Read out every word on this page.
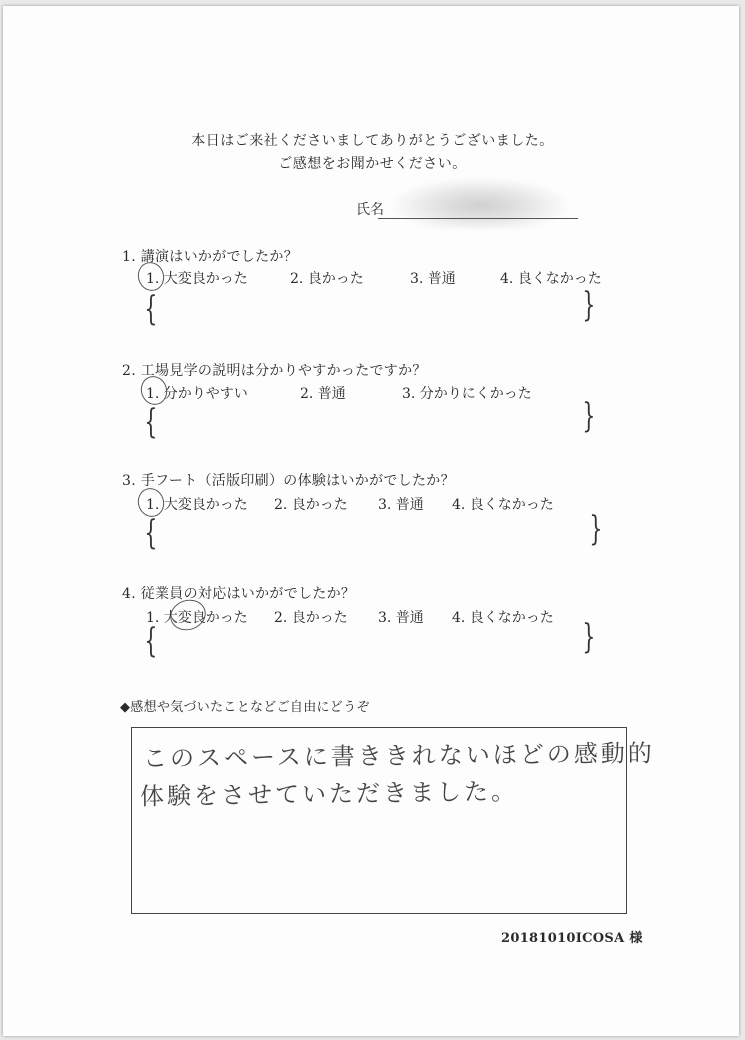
本日はご来社くださいましてありがとうございました。
ご感想をお聞かせください。
氏名
1. 講演はいかがでしたか？
1. 大変良かった	2. 良かった	3. 普通	4. 良くなかった
{	}
2. 工場見学の説明は分かりやすかったですか？
1. 分かりやすい	2. 普通	3. 分かりにくかった
{	}
3. 手フート（活版印刷）の体験はいかがでしたか？
1. 大変良かった 2. 良かった 3. 普通 4. 良くなかった
{	}
4. 従業員の対応はいかがでしたか？
1. 大変良かった 2. 良かった 3. 普通 4. 良くなかった
{	}
◆感想や気づいたことなどご自由にどうぞ
このスペースに書ききれないほどの感動的
体験をさせていただきました。
20181010ICOSA 様
